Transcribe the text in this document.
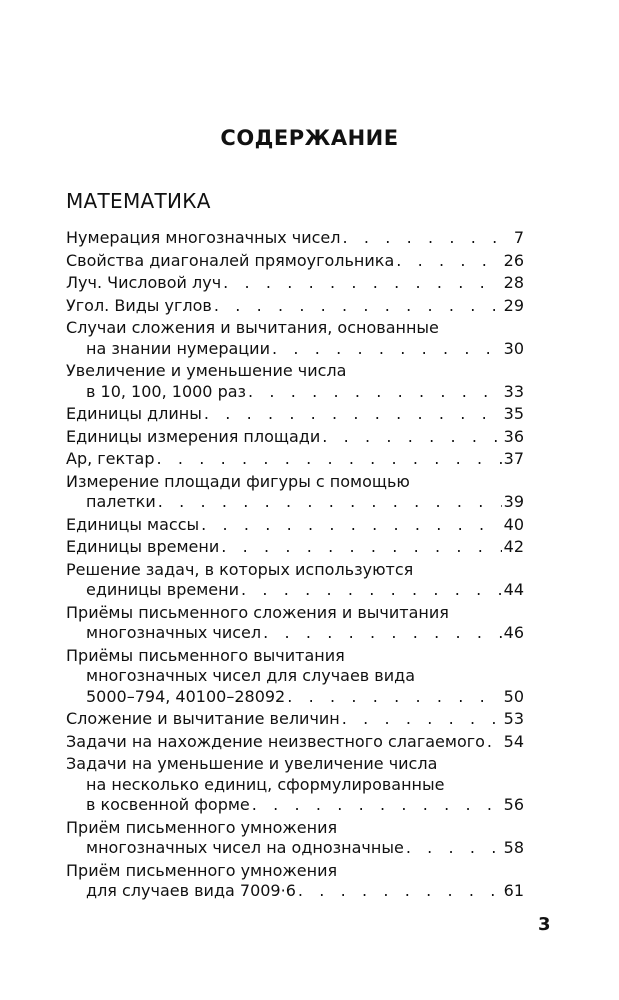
СОДЕРЖАНИЕ
МАТЕМАТИКА
Нумерация многозначных чисел . . .	7
Свойства диагоналей прямоугольника . . .	26
Луч. Числовой луч . . .	28
Угол. Виды углов . . .	29
Случаи сложения и вычитания, основанные
на знании нумерации . . .	30
Увеличение и уменьшение числа
в 10, 100, 1000 раз . . .	33
Единицы длины . . .	35
Единицы измерения площади . . .	36
Ар, гектар . . .	37
Измерение площади фигуры с помощью
палетки . . .	39
Единицы массы . . .	40
Единицы времени . . .	42
Решение задач, в которых используются
единицы времени . . .	44
Приёмы письменного сложения и вычитания
многозначных чисел . . .	46
Приёмы письменного вычитания
многозначных чисел для случаев вида
5000–794, 40100–28092 . . .	50
Сложение и вычитание величин . . .	53
Задачи на нахождение неизвестного слагаемого . . . 54
Задачи на уменьшение и увеличение числа
на несколько единиц, сформулированные
в косвенной форме . . .	56
Приём письменного умножения
многозначных чисел на однозначные . . .	58
Приём письменного умножения
для случаев вида 7009·6 . . .	61
3
